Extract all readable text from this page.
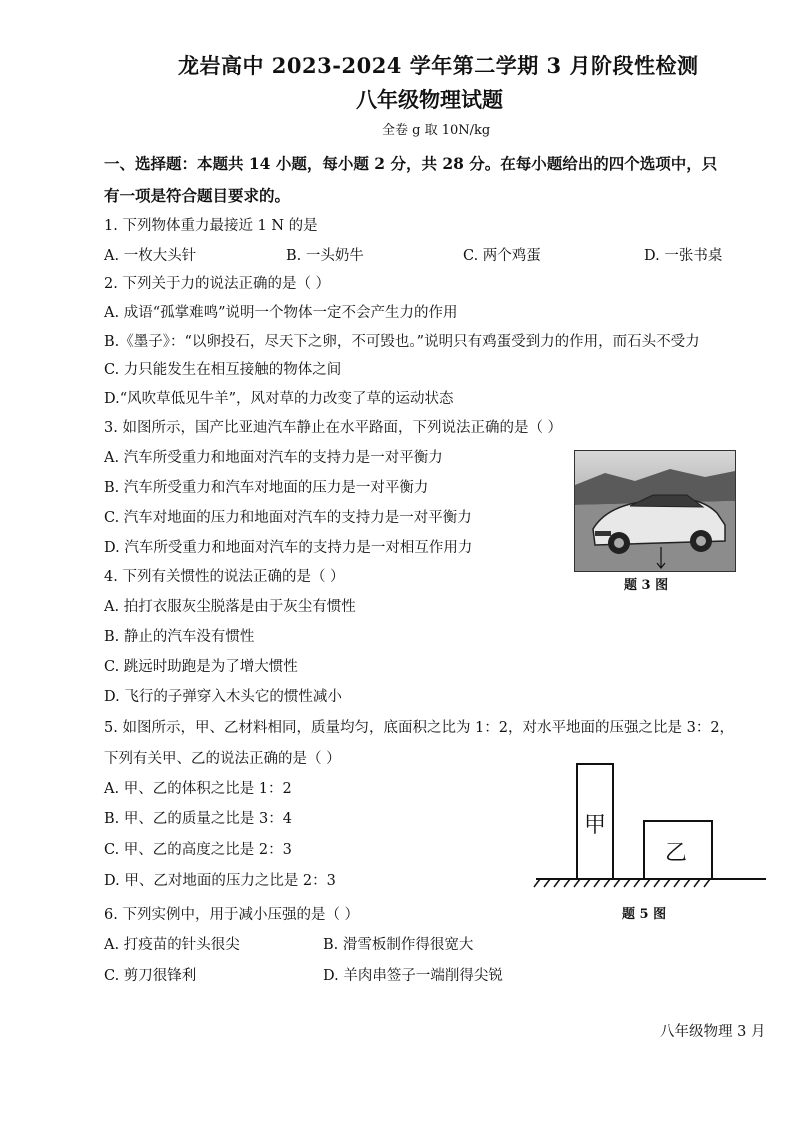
龙岩高中 2023-2024 学年第二学期 3 月阶段性检测
八年级物理试题
全卷 g 取 10N/kg
一、选择题：本题共 14 小题，每小题 2 分，共 28 分。在每小题给出的四个选项中，只
有一项是符合题目要求的。
1. 下列物体重力最接近 1 N 的是
A. 一枚大头针	B. 一头奶牛	C. 两个鸡蛋	D. 一张书桌
2. 下列关于力的说法正确的是（ ）
A. 成语“孤掌难鸣”说明一个物体一定不会产生力的作用
B.《墨子》：“以卵投石，尽天下之卵，不可毁也。”说明只有鸡蛋受到力的作用，而石头不受力
C. 力只能发生在相互接触的物体之间
D.“风吹草低见牛羊”，风对草的力改变了草的运动状态
3. 如图所示，国产比亚迪汽车静止在水平路面，下列说法正确的是（ ）
A. 汽车所受重力和地面对汽车的支持力是一对平衡力
B. 汽车所受重力和汽车对地面的压力是一对平衡力
C. 汽车对地面的压力和地面对汽车的支持力是一对平衡力
D. 汽车所受重力和地面对汽车的支持力是一对相互作用力
题 3 图
4. 下列有关惯性的说法正确的是（ ）
A. 拍打衣服灰尘脱落是由于灰尘有惯性
B. 静止的汽车没有惯性
C. 跳远时助跑是为了增大惯性
D. 飞行的子弹穿入木头它的惯性减小
5. 如图所示，甲、乙材料相同，质量均匀，底面积之比为 1：2，对水平地面的压强之比是 3：2，
下列有关甲、乙的说法正确的是（ ）
A. 甲、乙的体积之比是 1：2
B. 甲、乙的质量之比是 3：4
C. 甲、乙的高度之比是 2：3
D. 甲、乙对地面的压力之比是 2：3
甲
乙
题 5 图
6. 下列实例中，用于减小压强的是（ ）
A. 打疫苗的针头很尖	B. 滑雪板制作得很宽大
C. 剪刀很锋利	D. 羊肉串签子一端削得尖锐
八年级物理 3 月
